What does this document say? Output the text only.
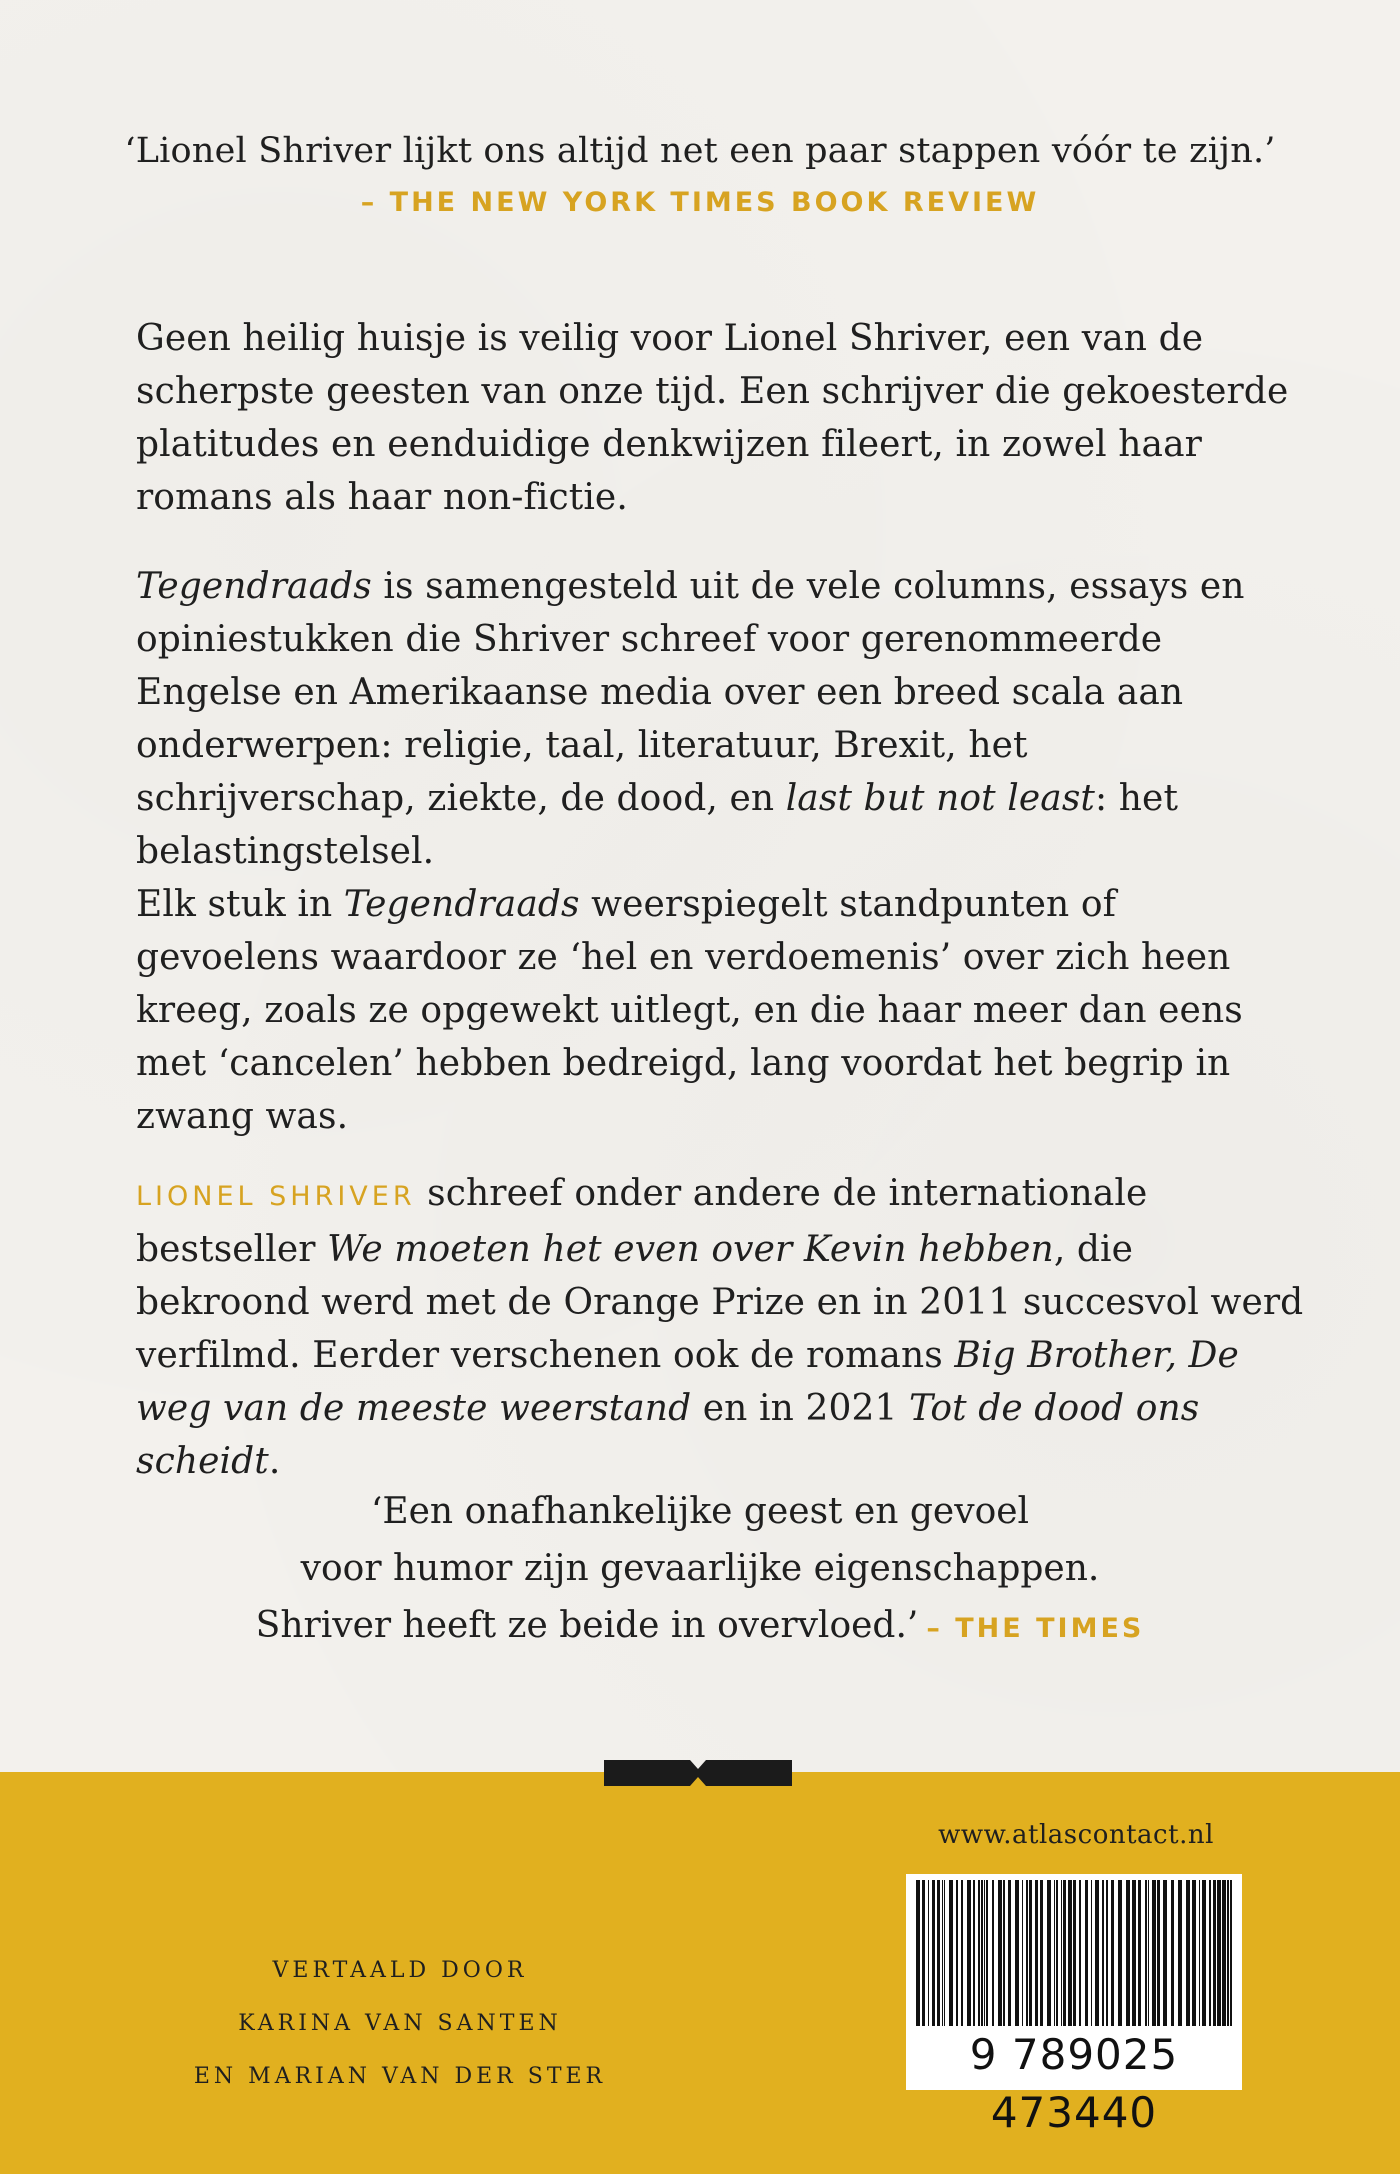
‘Lionel Shriver lijkt ons altijd net een paar stappen vóór te zijn.’
– THE NEW YORK TIMES BOOK REVIEW

Geen heilig huisje is veilig voor Lionel Shriver, een van de scherpste geesten van onze tijd. Een schrijver die gekoesterde platitudes en eenduidige denkwijzen fileert, in zowel haar romans als haar non-fictie.

Tegendraads is samengesteld uit de vele columns, essays en opiniestukken die Shriver schreef voor gerenommeerde Engelse en Amerikaanse media over een breed scala aan onderwerpen: religie, taal, literatuur, Brexit, het schrijverschap, ziekte, de dood, en last but not least: het belastingstelsel.
Elk stuk in Tegendraads weerspiegelt standpunten of gevoelens waardoor ze ‘hel en verdoemenis’ over zich heen kreeg, zoals ze opgewekt uitlegt, en die haar meer dan eens met ‘cancelen’ hebben bedreigd, lang voordat het begrip in zwang was.

LIONEL SHRIVER schreef onder andere de internationale bestseller We moeten het even over Kevin hebben, die bekroond werd met de Orange Prize en in 2011 succesvol werd verfilmd. Eerder verschenen ook de romans Big Brother, De weg van de meeste weerstand en in 2021 Tot de dood ons scheidt.

‘Een onafhankelijke geest en gevoel
voor humor zijn gevaarlijke eigenschappen.
Shriver heeft ze beide in overvloed.’ – THE TIMES
www.atlascontact.nl
VERTAALD DOOR
KARINA VAN SANTEN
EN MARIAN VAN DER STER	9 789025 473440
